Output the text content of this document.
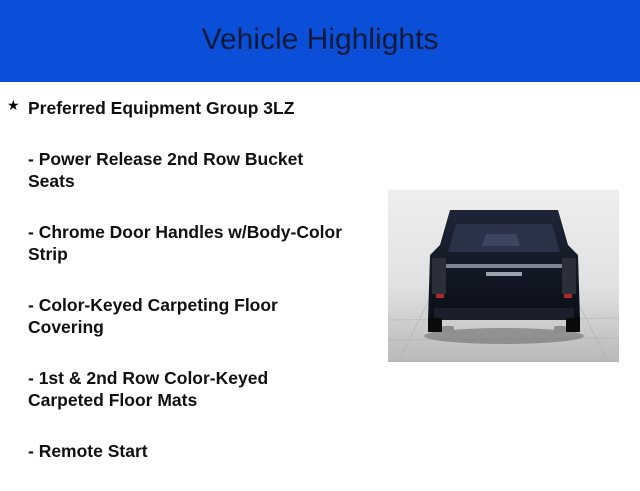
Vehicle Highlights
★ Preferred Equipment Group 3LZ
- Power Release 2nd Row Bucket Seats
- Chrome Door Handles w/Body-Color Strip
- Color-Keyed Carpeting Floor Covering
- 1st & 2nd Row Color-Keyed Carpeted Floor Mats
- Remote Start
